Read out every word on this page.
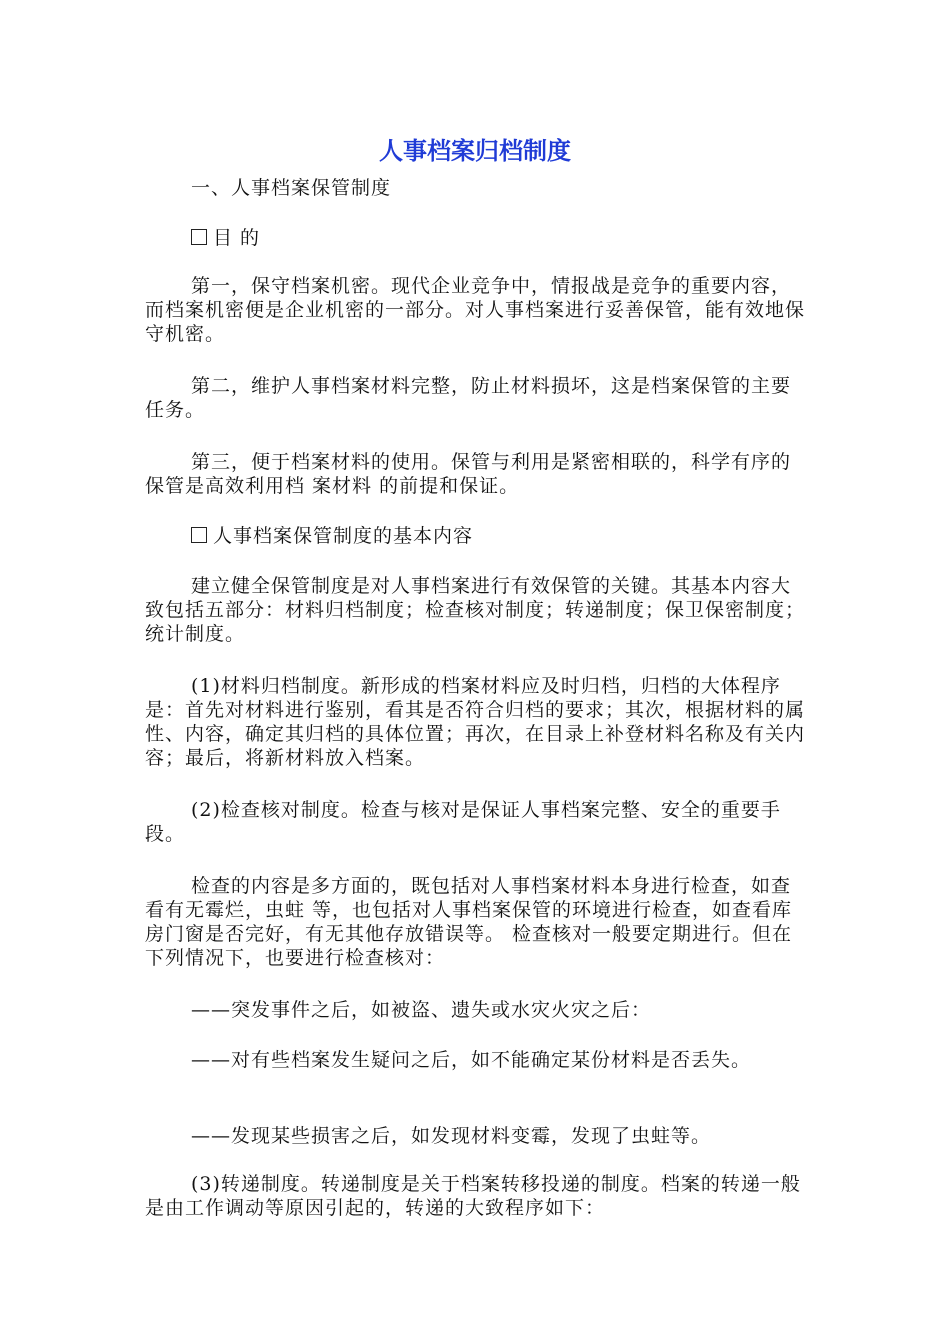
人事档案归档制度

一、人事档案保管制度

目 的

第一，保守档案机密。现代企业竞争中，情报战是竞争的重要内容，而档案机密便是企业机密的一部分。对人事档案进行妥善保管，能有效地保守机密。

第二，维护人事档案材料完整，防止材料损坏，这是档案保管的主要任务。

第三，便于档案材料的使用。保管与利用是紧密相联的，科学有序的保管是高效利用档 案材料 的前提和保证。

人事档案保管制度的基本内容

建立健全保管制度是对人事档案进行有效保管的关键。其基本内容大致包括五部分：材料归档制度；检查核对制度；转递制度；保卫保密制度；统计制度。

(1)材料归档制度。新形成的档案材料应及时归档，归档的大体程序是：首先对材料进行鉴别，看其是否符合归档的要求；其次，根据材料的属性、内容，确定其归档的具体位置；再次，在目录上补登材料名称及有关内容；最后，将新材料放入档案。

(2)检查核对制度。检查与核对是保证人事档案完整、安全的重要手段。

检查的内容是多方面的，既包括对人事档案材料本身进行检查，如查看有无霉烂，虫蛀 等，也包括对人事档案保管的环境进行检查，如查看库房门窗是否完好，有无其他存放错误等。 检查核对一般要定期进行。但在下列情况下，也要进行检查核对：

——突发事件之后，如被盗、遗失或水灾火灾之后：

——对有些档案发生疑问之后，如不能确定某份材料是否丢失。

——发现某些损害之后，如发现材料变霉，发现了虫蛀等。

(3)转递制度。转递制度是关于档案转移投递的制度。档案的转递一般是由工作调动等原因引起的，转递的大致程序如下：
